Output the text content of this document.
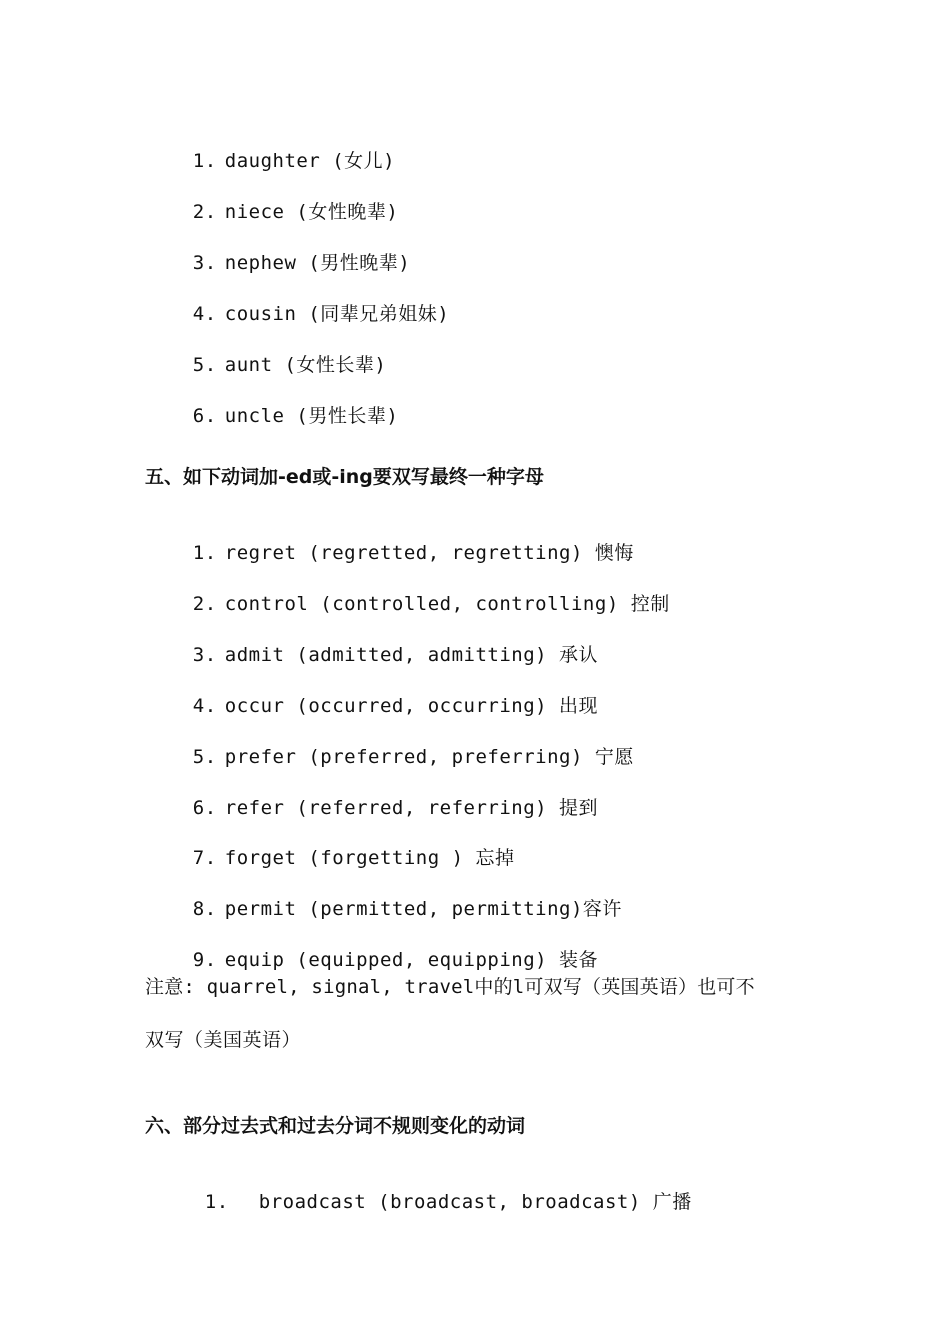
1. daughter (女儿)

2. niece (女性晚辈)

3. nephew (男性晚辈)

4. cousin (同辈兄弟姐妹)

5. aunt (女性长辈)

6. uncle (男性长辈)

五、如下动词加-ed或-ing要双写最终一种字母

1. regret (regretted, regretting) 懊悔

2. control (controlled, controlling) 控制

3. admit (admitted, admitting) 承认

4. occur (occurred, occurring) 出现

5. prefer (preferred, preferring) 宁愿

6. refer (referred, referring) 提到

7. forget (forgetting ) 忘掉

8. permit (permitted, permitting)容许

9. equip (equipped, equipping) 装备

注意: quarrel, signal, travel中的l可双写（英国英语）也可不
双写（美国英语）
六、部分过去式和过去分词不规则变化的动词

1. broadcast (broadcast, broadcast) 广播
